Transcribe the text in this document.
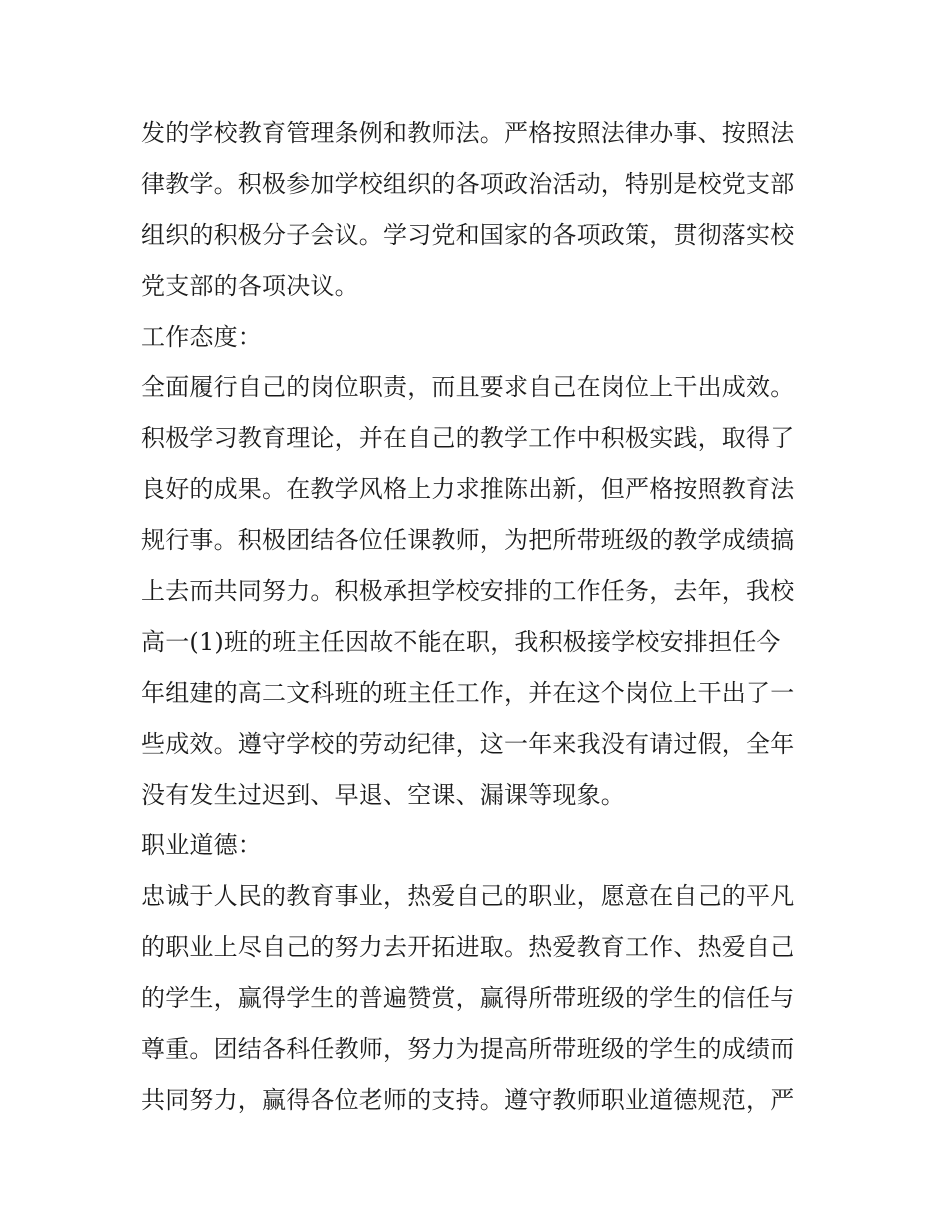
发的学校教育管理条例和教师法。严格按照法律办事、按照法
律教学。积极参加学校组织的各项政治活动，特别是校党支部
组织的积极分子会议。学习党和国家的各项政策，贯彻落实校
党支部的各项决议。
工作态度：
全面履行自己的岗位职责，而且要求自己在岗位上干出成效。
积极学习教育理论，并在自己的教学工作中积极实践，取得了
良好的成果。在教学风格上力求推陈出新，但严格按照教育法
规行事。积极团结各位任课教师，为把所带班级的教学成绩搞
上去而共同努力。积极承担学校安排的工作任务，去年，我校
高一(1)班的班主任因故不能在职，我积极接学校安排担任今
年组建的高二文科班的班主任工作，并在这个岗位上干出了一
些成效。遵守学校的劳动纪律，这一年来我没有请过假，全年
没有发生过迟到、早退、空课、漏课等现象。
职业道德：
忠诚于人民的教育事业，热爱自己的职业，愿意在自己的平凡
的职业上尽自己的努力去开拓进取。热爱教育工作、热爱自己
的学生，赢得学生的普遍赞赏，赢得所带班级的学生的信任与
尊重。团结各科任教师，努力为提高所带班级的学生的成绩而
共同努力，赢得各位老师的支持。遵守教师职业道德规范，严
